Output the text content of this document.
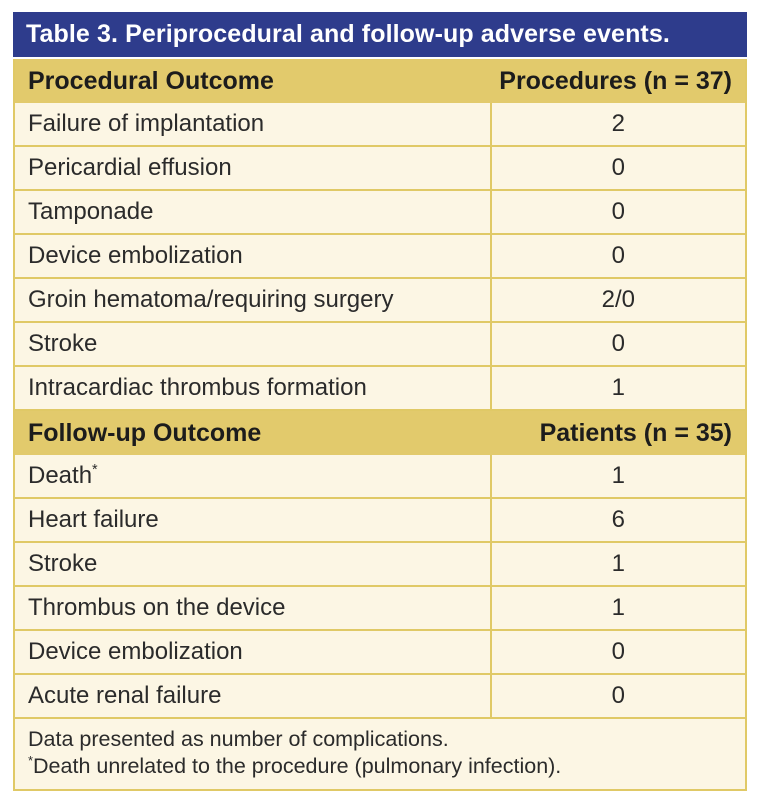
Table 3. Periprocedural and follow-up adverse events.
Procedural Outcome	Procedures (n = 37)
Failure of implantation	2
Pericardial effusion	0
Tamponade	0
Device embolization	0
Groin hematoma/requiring surgery	2/0
Stroke	0
Intracardiac thrombus formation	1
Follow-up Outcome	Patients (n = 35)
Death*	1
Heart failure	6
Stroke	1
Thrombus on the device	1
Device embolization	0
Acute renal failure	0
Data presented as number of complications.
*Death unrelated to the procedure (pulmonary infection).
